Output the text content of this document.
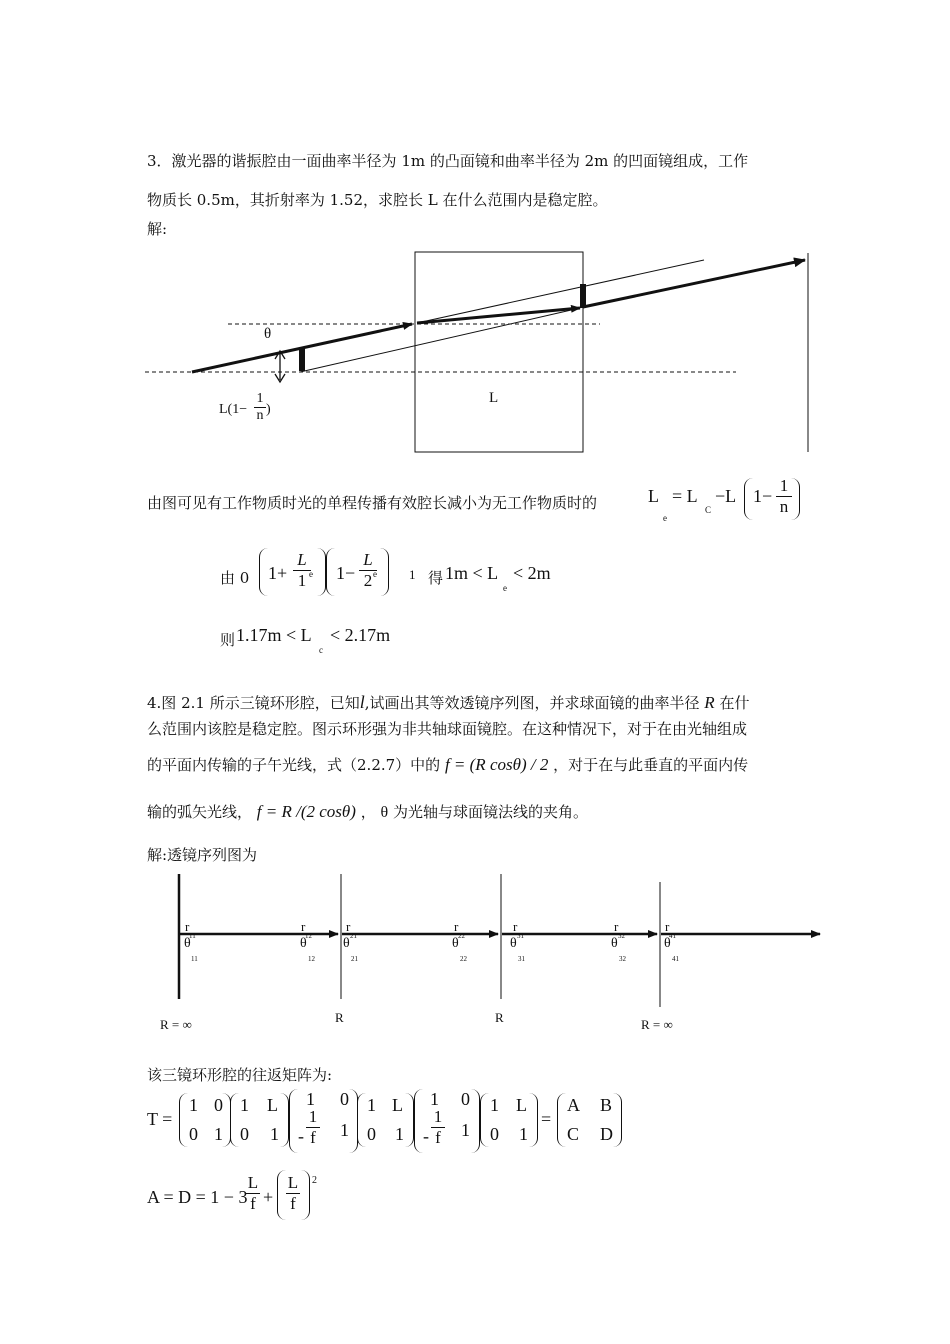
3．激光器的谐振腔由一面曲率半径为 1m 的凸面镜和曲率半径为 2m 的凹面镜组成，工作
物质长 0.5m，其折射率为 1.52，求腔长 L 在什么范围内是稳定腔。
解:
θ
L
$L(1- \frac{1}{n}$ )
由图可见有工作物质时光的单程传播有效腔长减小为无工作物质时的	L
e
= L
C
−L $1- \frac{1}{n}$
由 0 $1+ \frac{L}{1}$
e $1- \frac{L}{2}$
e 1 得 1m < L
e
< 2m
则 1.17m < L
c
< 2.17m
4.图 2.1 所示三镜环形腔，已知l,试画出其等效透镜序列图，并求球面镜的曲率半径 R 在什
么范围内该腔是稳定腔。图示环形强为非共轴球面镜腔。在这种情况下，对于在由光轴组成
的平面内传输的子午光线，式（2.2.7）中的 f = (R cosθ) / 2 ，对于在与此垂直的平面内传
输的弧矢光线， f = R /(2 cosθ) ， θ 为光轴与球面镜法线的夹角。
解:透镜序列图为
r
11
r
12
r
21
r
22
r
31
r
32
r
41
θ
11
θ
12
θ
21
θ
22
θ
31
θ
32
θ
41
R = ∞	R	R	R = ∞
该三镜环形腔的往返矩阵为:
T =
1 0
0 1
1 L
0 1
1 0
- $\frac{1}{f} 1$
1 L
0 1
1 0
- $\frac{1}{f} 1$
1 L
0 1
=
A B
C D
A = D = 1 − 3
$\frac{L}{f} + \frac{L}{f} 2$
